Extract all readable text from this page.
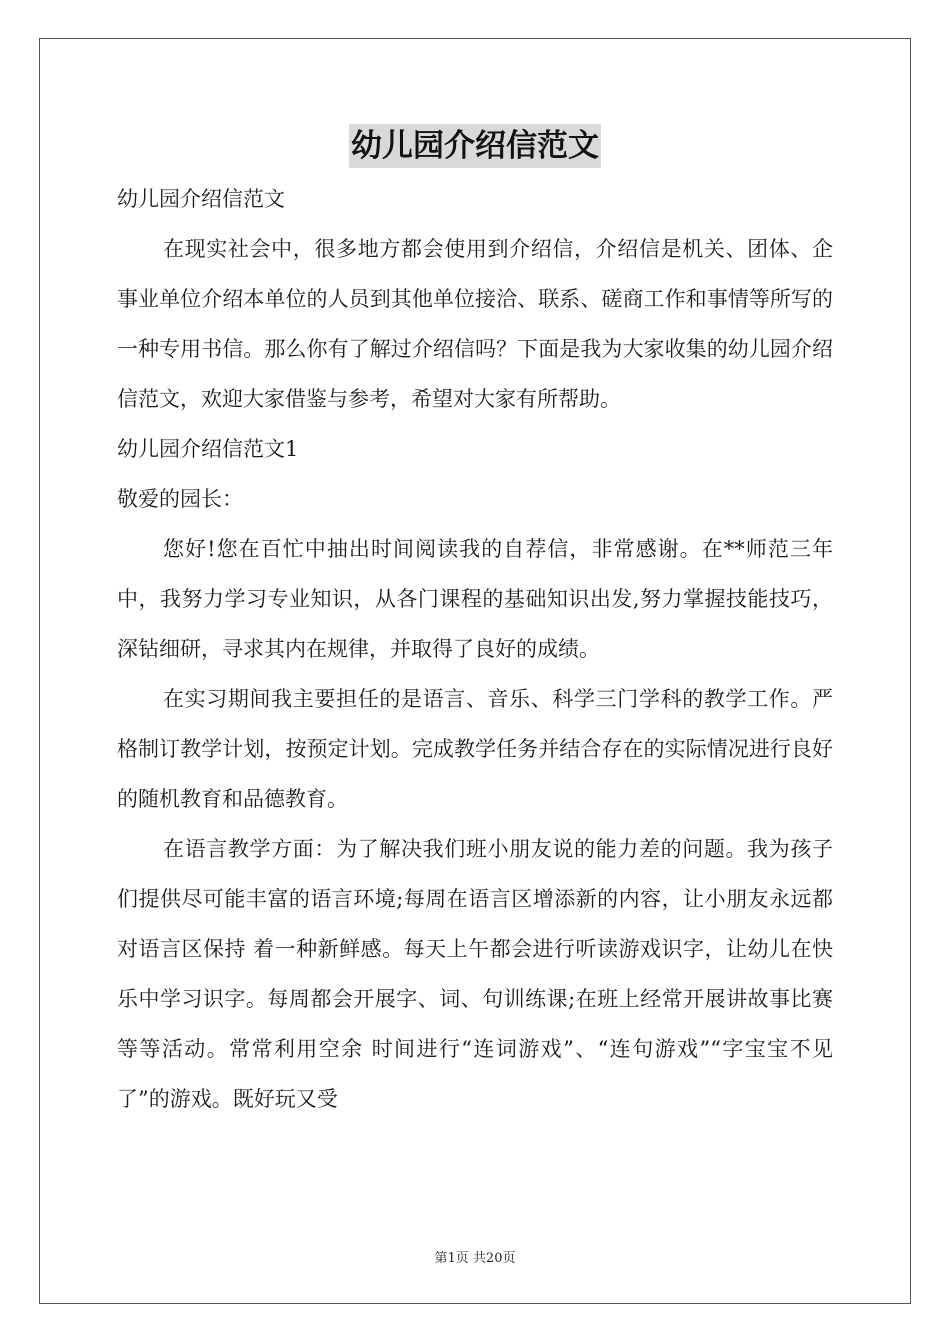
幼儿园介绍信范文

幼儿园介绍信范文

在现实社会中，很多地方都会使用到介绍信，介绍信是机关、团体、企事业单位介绍本单位的人员到其他单位接洽、联系、磋商工作和事情等所写的一种专用书信。那么你有了解过介绍信吗？下面是我为大家收集的幼儿园介绍信范文，欢迎大家借鉴与参考，希望对大家有所帮助。

幼儿园介绍信范文1

敬爱的园长：

您好!您在百忙中抽出时间阅读我的自荐信，非常感谢。在**师范三年中，我努力学习专业知识，从各门课程的基础知识出发,努力掌握技能技巧，深钻细研，寻求其内在规律，并取得了良好的成绩。

在实习期间我主要担任的是语言、音乐、科学三门学科的教学工作。严格制订教学计划，按预定计划。完成教学任务并结合存在的实际情况进行良好的随机教育和品德教育。

在语言教学方面：为了解决我们班小朋友说的能力差的问题。我为孩子们提供尽可能丰富的语言环境;每周在语言区增添新的内容，让小朋友永远都对语言区保持 着一种新鲜感。每天上午都会进行听读游戏识字，让幼儿在快乐中学习识字。每周都会开展字、词、句训练课;在班上经常开展讲故事比赛等等活动。常常利用空余 时间进行“连词游戏”、“连句游戏”“字宝宝不见了”的游戏。既好玩又受

第1页 共20页
